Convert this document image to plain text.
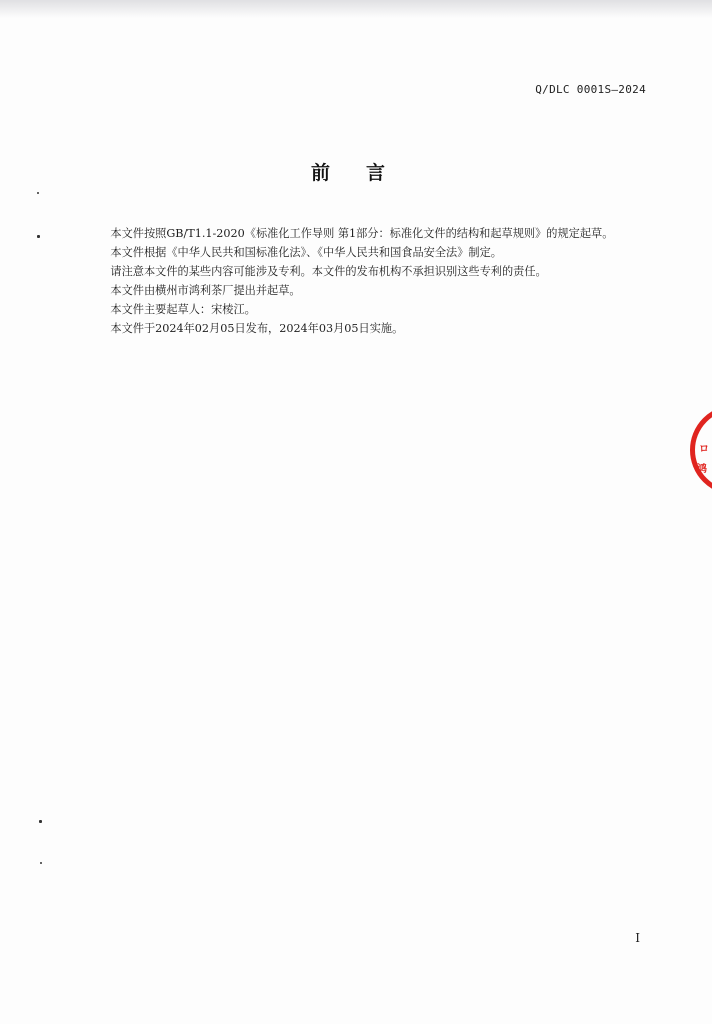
Q/DLC 0001S—2024
前言

本文件按照GB/T1.1-2020《标准化工作导则 第1部分：标准化文件的结构和起草规则》的规定起草。

本文件根据《中华人民共和国标准化法》、《中华人民共和国食品安全法》制定。

请注意本文件的某些内容可能涉及专利。本文件的发布机构不承担识别这些专利的责任。

本文件由横州市鸿利茶厂提出并起草。

本文件主要起草人：宋棱江。

本文件于2024年02月05日发布，2024年03月05日实施。

ロ
鸿
I
